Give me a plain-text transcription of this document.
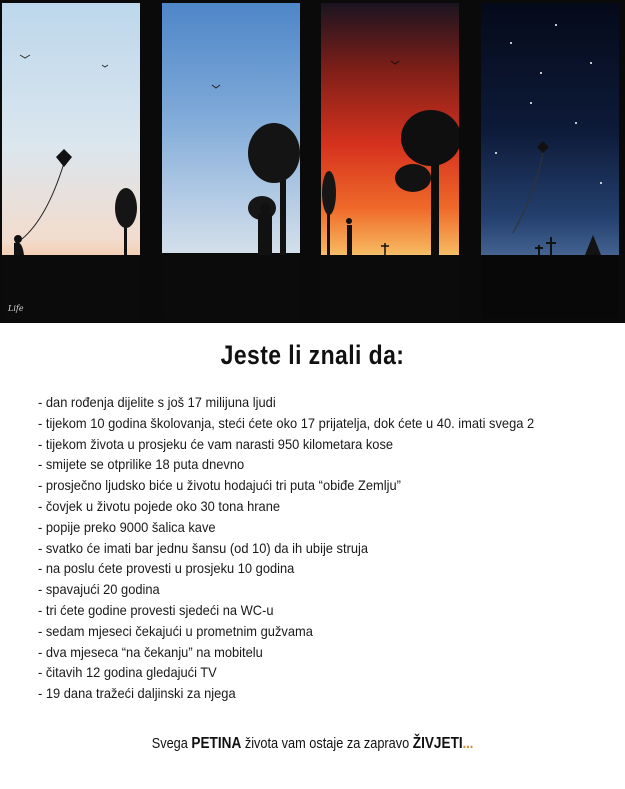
Life
Jeste li znali da:
- dan rođenja dijelite s još 17 milijuna ljudi
- tijekom 10 godina školovanja, steći ćete oko 17 prijatelja, dok ćete u 40. imati svega 2
- tijekom života u prosjeku će vam narasti 950 kilometara kose
- smijete se otprilike 18 puta dnevno
- prosječno ljudsko biće u životu hodajući tri puta “obiđe Zemlju”
- čovjek u životu pojede oko 30 tona hrane
- popije preko 9000 šalica kave
- svatko će imati bar jednu šansu (od 10) da ih ubije struja
- na poslu ćete provesti u prosjeku 10 godina
- spavajući 20 godina
- tri ćete godine provesti sjedeći na WC-u
- sedam mjeseci čekajući u prometnim gužvama
- dva mjeseca “na čekanju” na mobitelu
- čitavih 12 godina gledajući TV
- 19 dana tražeći daljinski za njega
Svega PETINA života vam ostaje za zapravo ŽIVJETI...
